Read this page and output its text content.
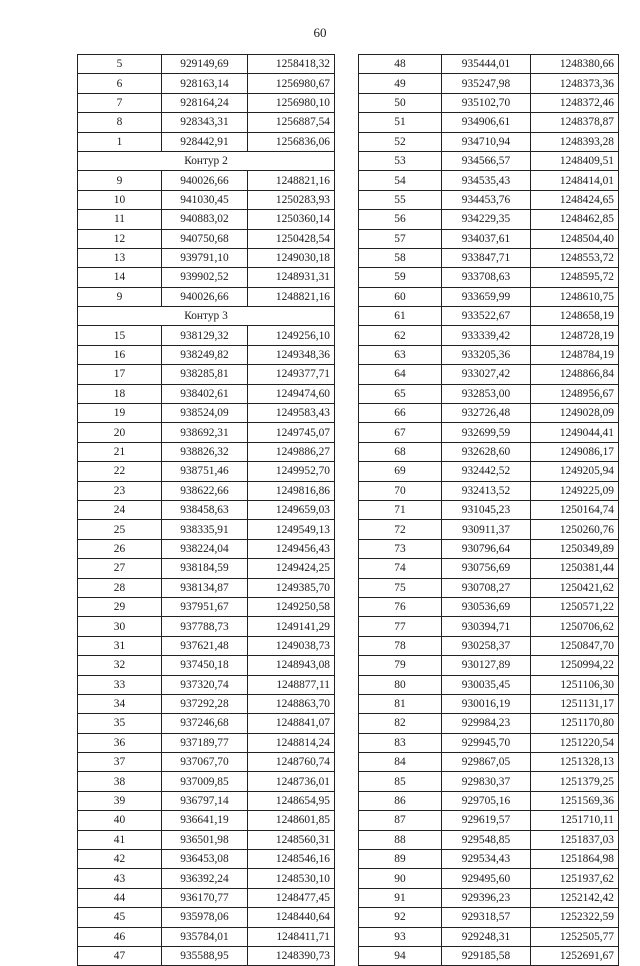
60
5	929149,69	1258418,32
6	928163,14	1256980,67
7	928164,24	1256980,10
8	928343,31	1256887,54
1	928442,91	1256836,06
Контур 2		
9	940026,66	1248821,16
10	941030,45	1250283,93
11	940883,02	1250360,14
12	940750,68	1250428,54
13	939791,10	1249030,18
14	939902,52	1248931,31
9	940026,66	1248821,16
Контур 3		
15	938129,32	1249256,10
16	938249,82	1249348,36
17	938285,81	1249377,71
18	938402,61	1249474,60
19	938524,09	1249583,43
20	938692,31	1249745,07
21	938826,32	1249886,27
22	938751,46	1249952,70
23	938622,66	1249816,86
24	938458,63	1249659,03
25	938335,91	1249549,13
26	938224,04	1249456,43
27	938184,59	1249424,25
28	938134,87	1249385,70
29	937951,67	1249250,58
30	937788,73	1249141,29
31	937621,48	1249038,73
32	937450,18	1248943,08
33	937320,74	1248877,11
34	937292,28	1248863,70
35	937246,68	1248841,07
36	937189,77	1248814,24
37	937067,70	1248760,74
38	937009,85	1248736,01
39	936797,14	1248654,95
40	936641,19	1248601,85
41	936501,98	1248560,31
42	936453,08	1248546,16
43	936392,24	1248530,10
44	936170,77	1248477,45
45	935978,06	1248440,64
46	935784,01	1248411,71
47	935588,95	1248390,73
48	935444,01	1248380,66
49	935247,98	1248373,36
50	935102,70	1248372,46
51	934906,61	1248378,87
52	934710,94	1248393,28
53	934566,57	1248409,51
54	934535,43	1248414,01
55	934453,76	1248424,65
56	934229,35	1248462,85
57	934037,61	1248504,40
58	933847,71	1248553,72
59	933708,63	1248595,72
60	933659,99	1248610,75
61	933522,67	1248658,19
62	933339,42	1248728,19
63	933205,36	1248784,19
64	933027,42	1248866,84
65	932853,00	1248956,67
66	932726,48	1249028,09
67	932699,59	1249044,41
68	932628,60	1249086,17
69	932442,52	1249205,94
70	932413,52	1249225,09
71	931045,23	1250164,74
72	930911,37	1250260,76
73	930796,64	1250349,89
74	930756,69	1250381,44
75	930708,27	1250421,62
76	930536,69	1250571,22
77	930394,71	1250706,62
78	930258,37	1250847,70
79	930127,89	1250994,22
80	930035,45	1251106,30
81	930016,19	1251131,17
82	929984,23	1251170,80
83	929945,70	1251220,54
84	929867,05	1251328,13
85	929830,37	1251379,25
86	929705,16	1251569,36
87	929619,57	1251710,11
88	929548,85	1251837,03
89	929534,43	1251864,98
90	929495,60	1251937,62
91	929396,23	1252142,42
92	929318,57	1252322,59
93	929248,31	1252505,77
94	929185,58	1252691,67
